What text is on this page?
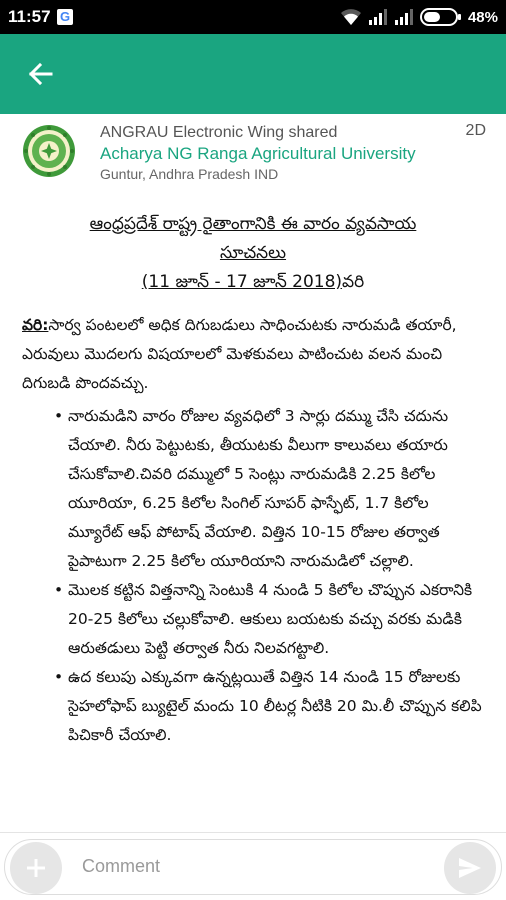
11:57 G	48%
ANGRAU Electronic Wing shared
Acharya NG Ranga Agricultural University
Guntur, Andhra Pradesh IND
2D
ఆంధ్రప్రదేశ్ రాష్ట్ర రైతాంగానికి ఈ వారం వ్యవసాయ
సూచనలు
(11 జూన్ - 17 జూన్ 2018)వరి

వరి:సార్వ పంటలలో అధిక దిగుబడులు సాధించుటకు నారుమడి తయారీ, ఎరువులు మొదలగు విషయాలలో మెళకువలు పాటించుట వలన మంచి దిగుబడి పొందవచ్చు.

• నారుమడిని వారం రోజుల వ్యవధిలో 3 సార్లు దమ్ము చేసి చదును చేయాలి. నీరు పెట్టుటకు, తీయుటకు వీలుగా కాలువలు తయారు చేసుకోవాలి.చివరి దమ్ములో 5 సెంట్లు నారుమడికి 2.25 కిలోల యూరియా, 6.25 కిలోల సింగిల్ సూపర్ ఫాస్ఫేట్, 1.7 కిలోల మ్యూరేట్ ఆఫ్ పోటాష్ వేయాలి. విత్తిన 10-15 రోజుల తర్వాత పైపాటుగా 2.25 కిలోల యూరియాని నారుమడిలో చల్లాలి.
• మొలక కట్టిన విత్తనాన్ని సెంటుకి 4 నుండి 5 కిలోల చొప్పున ఎకరానికి 20-25 కిలోలు చల్లుకోవాలి. ఆకులు బయటకు వచ్చు వరకు మడికి ఆరుతడులు పెట్టి తర్వాత నీరు నిలవగట్టాలి.
• ఉద కలుపు ఎక్కువగా ఉన్నట్లయితే విత్తిన 14 నుండి 15 రోజులకు సైహలోఫాప్ బ్యుటైల్ మందు 10 లీటర్ల నీటికి 20 మి.లీ చొప్పున కలిపి పిచికారీ చేయాలి.
Comment
